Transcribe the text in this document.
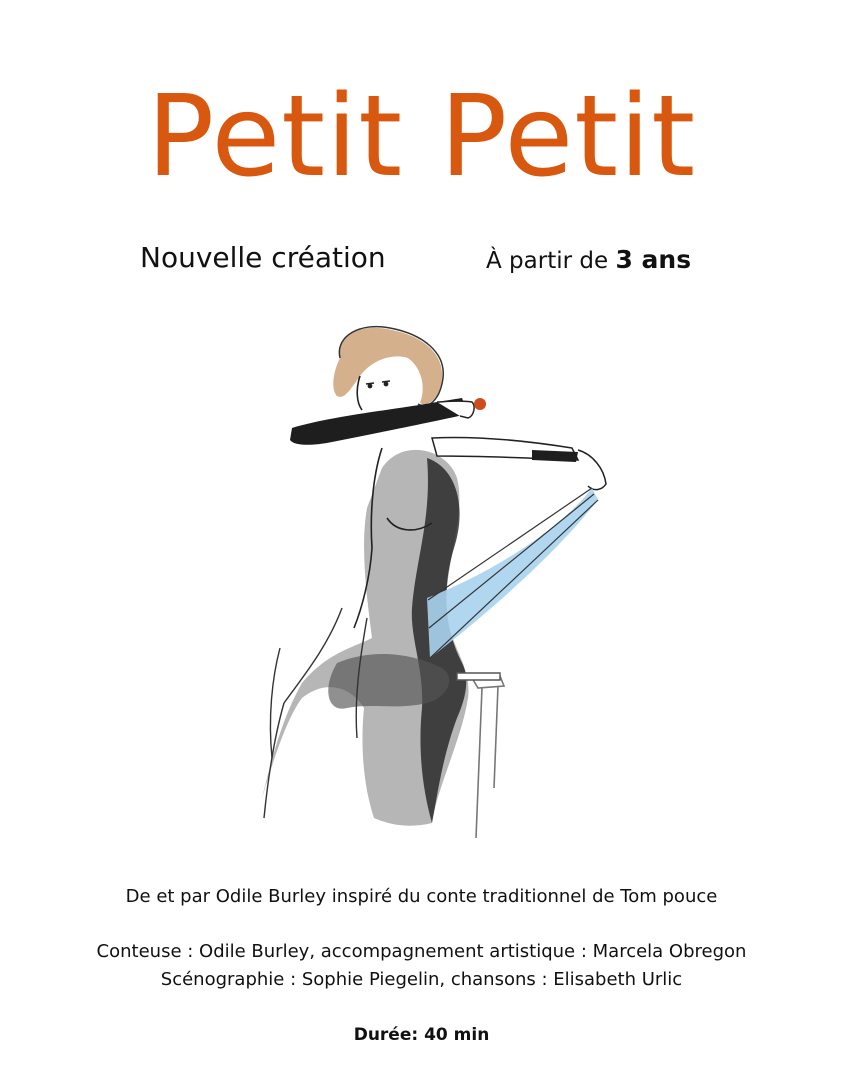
Petit Petit
Nouvelle création	À partir de 3 ans
De et par Odile Burley inspiré du conte traditionnel de Tom pouce
Conteuse : Odile Burley, accompagnement artistique : Marcela Obregon
Scénographie : Sophie Piegelin, chansons : Elisabeth Urlic
Durée: 40 min
